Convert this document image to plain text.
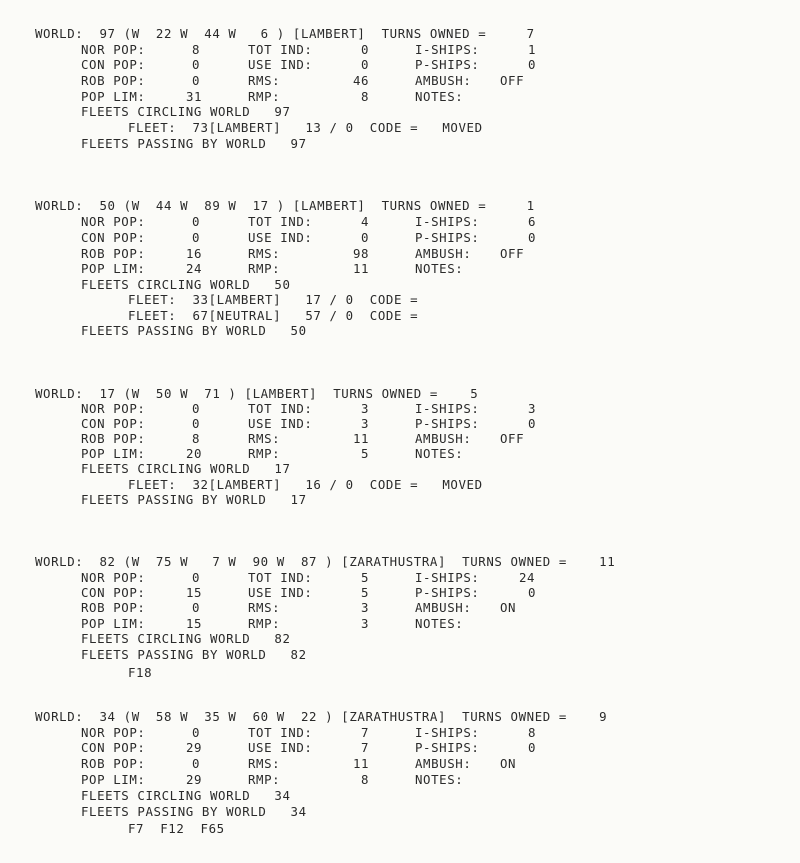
WORLD:  97 (W  22 W  44 W   6 ) [LAMBERT]  TURNS OWNED =     7
NOR POP:	8	TOT IND:	0	I-SHIPS:	1
CON POP:	0	USE IND:	0	P-SHIPS:	0
ROB POP:	0	RMS:	46	AMBUSH: OFF
POP LIM:	31	RMP:	8	NOTES:
FLEETS CIRCLING WORLD   97
FLEET:  73[LAMBERT]   13 / 0  CODE =   MOVED
FLEETS PASSING BY WORLD   97
WORLD:  50 (W  44 W  89 W  17 ) [LAMBERT]  TURNS OWNED =     1
NOR POP:	0	TOT IND:	4	I-SHIPS:	6
CON POP:	0	USE IND:	0	P-SHIPS:	0
ROB POP:	16	RMS:	98	AMBUSH: OFF
POP LIM:	24	RMP:	11	NOTES:
FLEETS CIRCLING WORLD   50
FLEET:  33[LAMBERT]   17 / 0  CODE =
FLEET:  67[NEUTRAL]   57 / 0  CODE =
FLEETS PASSING BY WORLD   50
WORLD:  17 (W  50 W  71 ) [LAMBERT]  TURNS OWNED =    5
NOR POP:	0	TOT IND:	3	I-SHIPS:	3
CON POP:	0	USE IND:	3	P-SHIPS:	0
ROB POP:	8	RMS:	11	AMBUSH: OFF
POP LIM:	20	RMP:	5	NOTES:
FLEETS CIRCLING WORLD   17
FLEET:  32[LAMBERT]   16 / 0  CODE =   MOVED
FLEETS PASSING BY WORLD   17
WORLD:  82 (W  75 W   7 W  90 W  87 ) [ZARATHUSTRA]  TURNS OWNED =    11
NOR POP:	0	TOT IND:	5	I-SHIPS:	24
CON POP:	15	USE IND:	5	P-SHIPS:	0
ROB POP:	0	RMS:	3	AMBUSH: ON
POP LIM:	15	RMP:	3	NOTES:
FLEETS CIRCLING WORLD   82
FLEETS PASSING BY WORLD   82
F18
WORLD:  34 (W  58 W  35 W  60 W  22 ) [ZARATHUSTRA]  TURNS OWNED =    9
NOR POP:	0	TOT IND:	7	I-SHIPS:	8
CON POP:	29	USE IND:	7	P-SHIPS:	0
ROB POP:	0	RMS:	11	AMBUSH: ON
POP LIM:	29	RMP:	8	NOTES:
FLEETS CIRCLING WORLD   34
FLEETS PASSING BY WORLD   34
F7  F12  F65
